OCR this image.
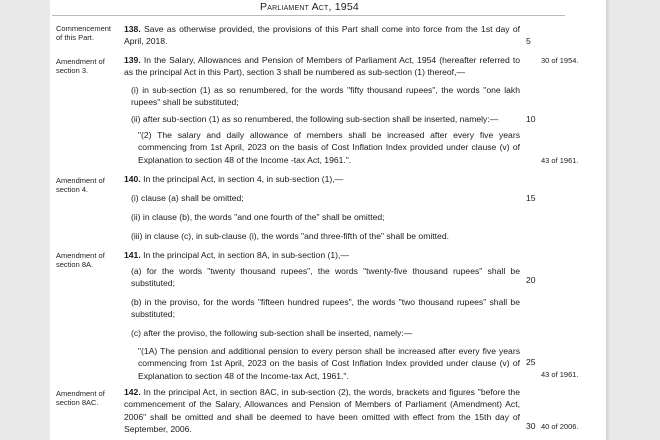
Parliament Act, 1954
Commencement of this Part.
138. Save as otherwise provided, the provisions of this Part shall come into force from the 1st day of April, 2018.	5
Amendment of section 3.
139. In the Salary, Allowances and Pension of Members of Parliament Act, 1954 (hereafter referred to as the principal Act in this Part), section 3 shall be numbered as sub-section (1) thereof,—
30 of 1954.
(i) in sub-section (1) as so renumbered, for the words "fifty thousand rupees", the words "one lakh rupees" shall be substituted;
(ii) after sub-section (1) as so renumbered, the following sub-section shall be inserted, namely:—	10
"(2) The salary and daily allowance of members shall be increased after every five years commencing from 1st April, 2023 on the basis of Cost Inflation Index provided under clause (v) of Explanation to section 48 of the Income -tax Act, 1961.".	43 of 1961.
Amendment of section 4.
140. In the principal Act, in section 4, in sub-section (1),—
(i) clause (a) shall be omitted;	15
(ii) in clause (b), the words "and one fourth of the" shall be omitted;
(iii) in clause (c), in sub-clause (i), the words "and three-fifth of the" shall be omitted.
Amendment of section 8A.
141. In the principal Act, in section 8A, in sub-section (1),—
(a) for the words "twenty thousand rupees", the words "twenty-five thousand rupees" shall be substituted;	20
(b) in the proviso, for the words "fifteen hundred rupees", the words "two thousand rupees" shall be substituted;
(c) after the proviso, the following sub-section shall be inserted, namely:—
"(1A) The pension and additional pension to every person shall be increased after every five years commencing from 1st April, 2023 on the basis of Cost Inflation Index provided under clause (v) of Explanation to section 48 of the Income-tax Act, 1961.".
25
43 of 1961.
Amendment of section 8AC.
142. In the principal Act, in section 8AC, in sub-section (2), the words, brackets and figures "before the commencement of the Salary, Allowances and Pension of Members of Parliament (Amendment) Act, 2006" shall be omitted and shall be deemed to have been omitted with effect from the 15th day of September, 2006.	30 40 of 2006.
